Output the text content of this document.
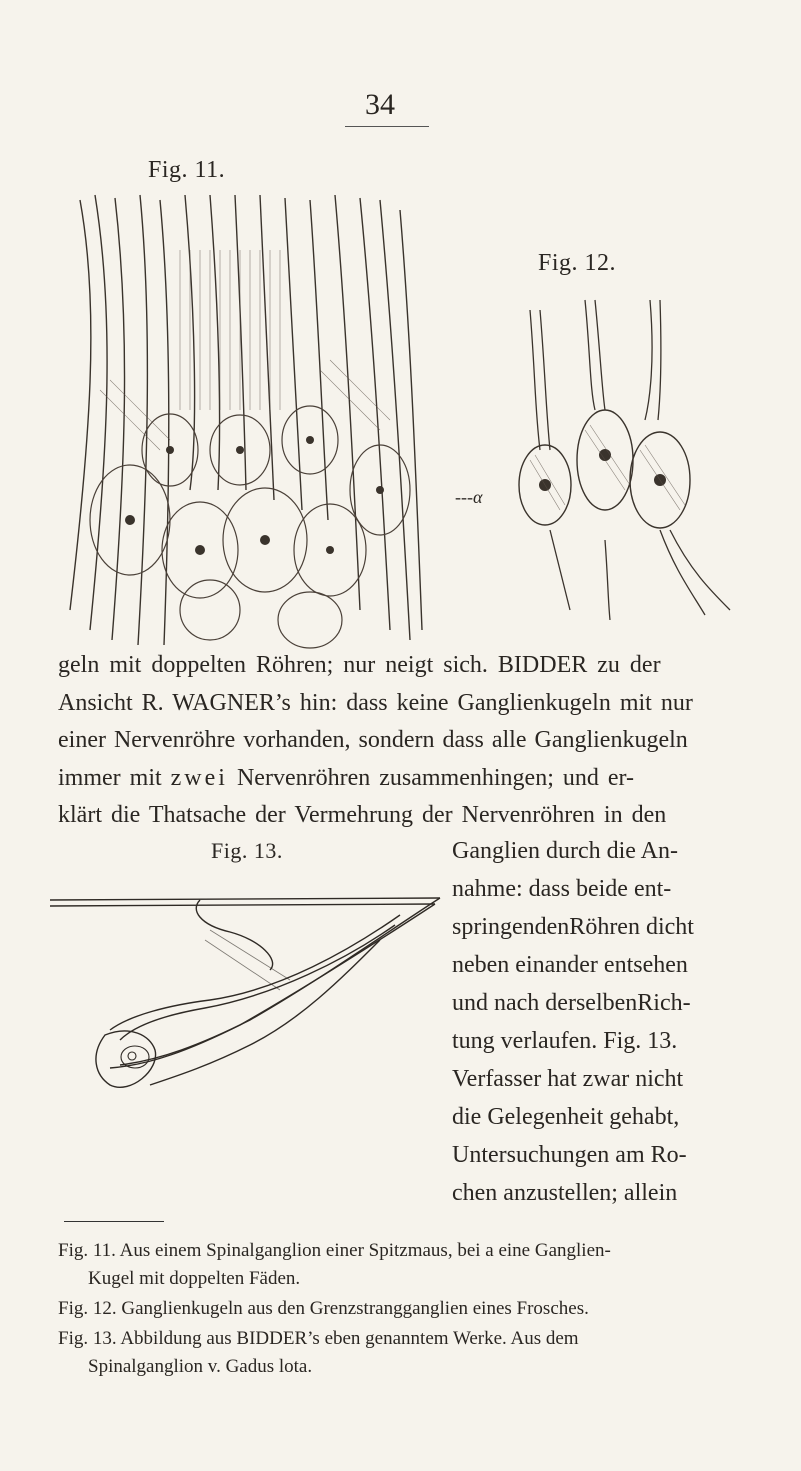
34
Fig. 11.
---α
Fig. 12.
geln mit doppelten Röhren; nur neigt sich. BIDDER zu der
Ansicht R. WAGNER’s hin: dass keine Ganglienkugeln mit nur
einer Nervenröhre vorhanden, sondern dass alle Ganglienkugeln
immer mit zwei Nervenröhren zusammenhingen; und er-
klärt die Thatsache der Vermehrung der Nervenröhren in den
Fig. 13.	Ganglien durch die An-
nahme: dass beide ent-
springendenRöhren dicht
neben einander entsehen
und nach derselbenRich-
tung verlaufen. Fig. 13.
Verfasser hat zwar nicht
die Gelegenheit gehabt,
Untersuchungen am Ro-
chen anzustellen; allein
Fig. 11. Aus einem Spinalganglion einer Spitzmaus, bei a eine Ganglien-
Kugel mit doppelten Fäden.
Fig. 12. Ganglienkugeln aus den Grenzstrangganglien eines Frosches.
Fig. 13. Abbildung aus BIDDER’s eben genanntem Werke. Aus dem
Spinalganglion v. Gadus lota.
